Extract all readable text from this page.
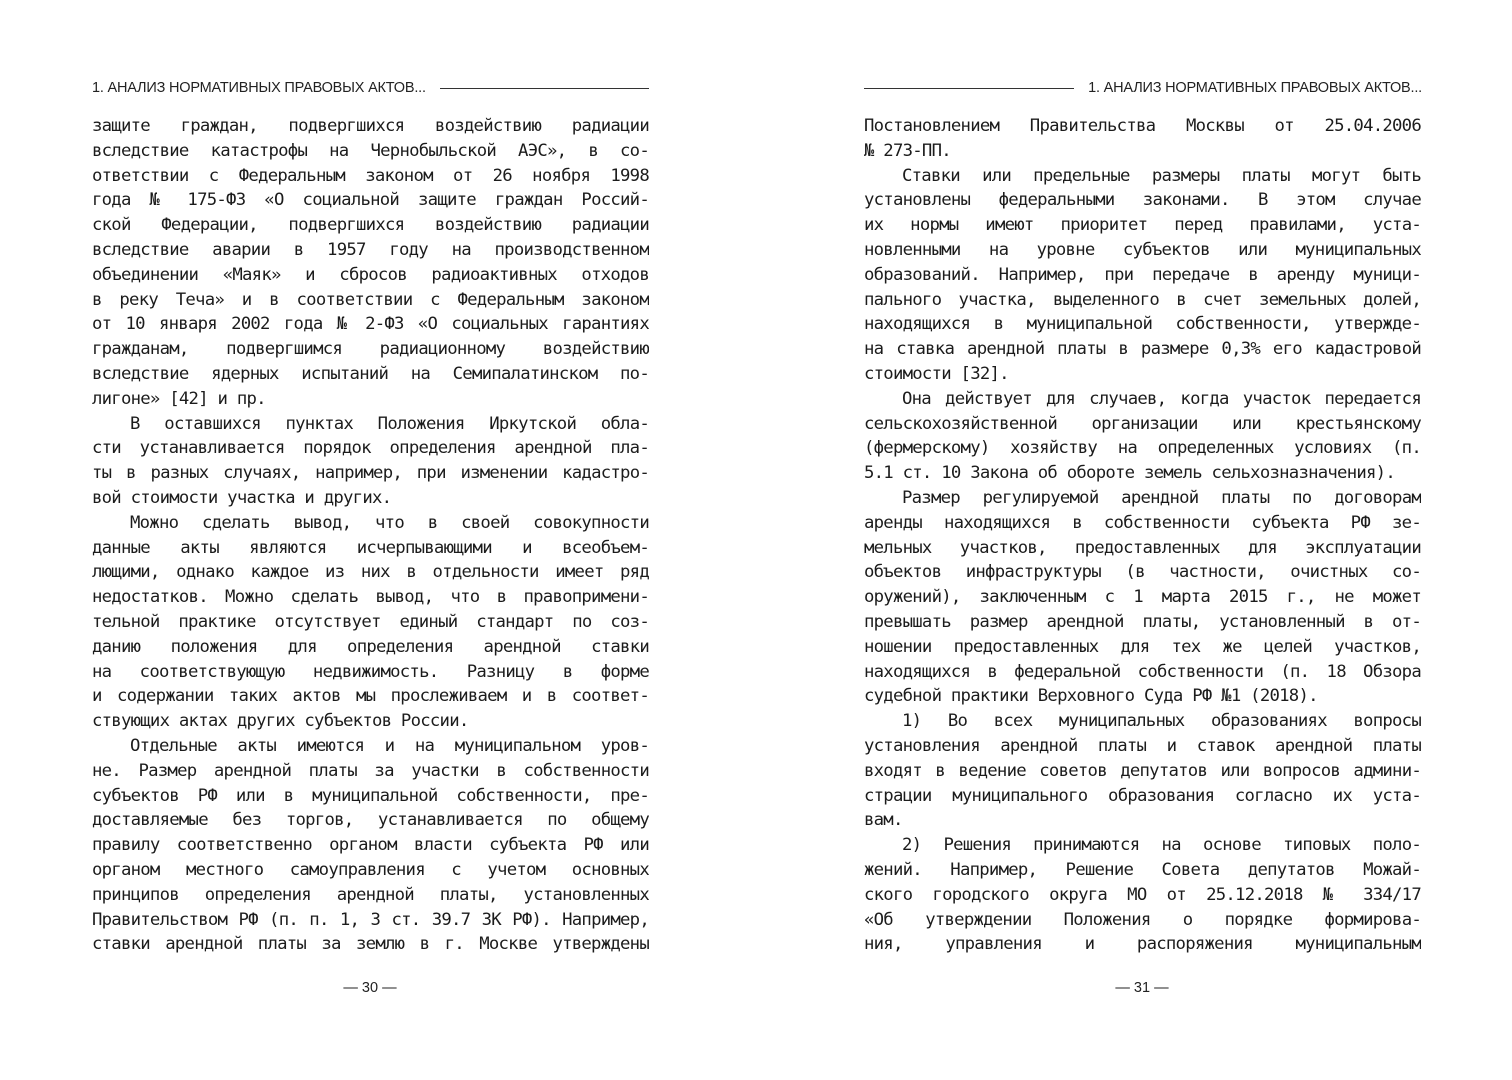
1. АНАЛИЗ НОРМАТИВНЫХ ПРАВОВЫХ АКТОВ...
защите граждан, подвергшихся воздействию радиации
вследствие катастрофы на Чернобыльской АЭС», в со-
ответствии с Федеральным законом от 26 ноября 1998
года № 175-ФЗ «О социальной защите граждан Россий-
ской Федерации, подвергшихся воздействию радиации
вследствие аварии в 1957 году на производственном
объединении «Маяк» и сбросов радиоактивных отходов
в реку Теча» и в соответствии с Федеральным законом
от 10 января 2002 года № 2-ФЗ «О социальных гарантиях
гражданам, подвергшимся радиационному воздействию
вследствие ядерных испытаний на Семипалатинском по-
лигоне» [42] и пр.
В оставшихся пунктах Положения Иркутской обла-
сти устанавливается порядок определения арендной пла-
ты в разных случаях, например, при изменении кадастро-
вой стоимости участка и других.
Можно сделать вывод, что в своей совокупности
данные акты являются исчерпывающими и всеобъем-
лющими, однако каждое из них в отдельности имеет ряд
недостатков. Можно сделать вывод, что в правопримени-
тельной практике отсутствует единый стандарт по соз-
данию положения для определения арендной ставки
на соответствующую недвижимость. Разницу в форме
и содержании таких актов мы прослеживаем и в соответ-
ствующих актах других субъектов России.
Отдельные акты имеются и на муниципальном уров-
не. Размер арендной платы за участки в собственности
субъектов РФ или в муниципальной собственности, пре-
доставляемые без торгов, устанавливается по общему
правилу соответственно органом власти субъекта РФ или
органом местного самоуправления с учетом основных
принципов определения арендной платы, установленных
Правительством РФ (п. п. 1, 3 ст. 39.7 ЗК РФ). Например,
ставки арендной платы за землю в г. Москве утверждены
— 30 —
1. АНАЛИЗ НОРМАТИВНЫХ ПРАВОВЫХ АКТОВ...
Постановлением Правительства Москвы от 25.04.2006
№ 273-ПП.
Ставки или предельные размеры платы могут быть
установлены федеральными законами. В этом случае
их нормы имеют приоритет перед правилами, уста-
новленными на уровне субъектов или муниципальных
образований. Например, при передаче в аренду муници-
пального участка, выделенного в счет земельных долей,
находящихся в муниципальной собственности, утвержде-
на ставка арендной платы в размере 0,3% его кадастровой
стоимости [32].
Она действует для случаев, когда участок передается
сельскохозяйственной организации или крестьянскому
(фермерскому) хозяйству на определенных условиях (п.
5.1 ст. 10 Закона об обороте земель сельхозназначения).
Размер регулируемой арендной платы по договорам
аренды находящихся в собственности субъекта РФ зе-
мельных участков, предоставленных для эксплуатации
объектов инфраструктуры (в частности, очистных со-
оружений), заключенным с 1 марта 2015 г., не может
превышать размер арендной платы, установленный в от-
ношении предоставленных для тех же целей участков,
находящихся в федеральной собственности (п. 18 Обзора
судебной практики Верховного Суда РФ №1 (2018).
1) Во всех муниципальных образованиях вопросы
установления арендной платы и ставок арендной платы
входят в ведение советов депутатов или вопросов админи-
страции муниципального образования согласно их уста-
вам.
2) Решения принимаются на основе типовых поло-
жений. Например, Решение Совета депутатов Можай-
ского городского округа МО от 25.12.2018 № 334/17
«Об утверждении Положения о порядке формирова-
ния, управления и распоряжения муниципальным
— 31 —
